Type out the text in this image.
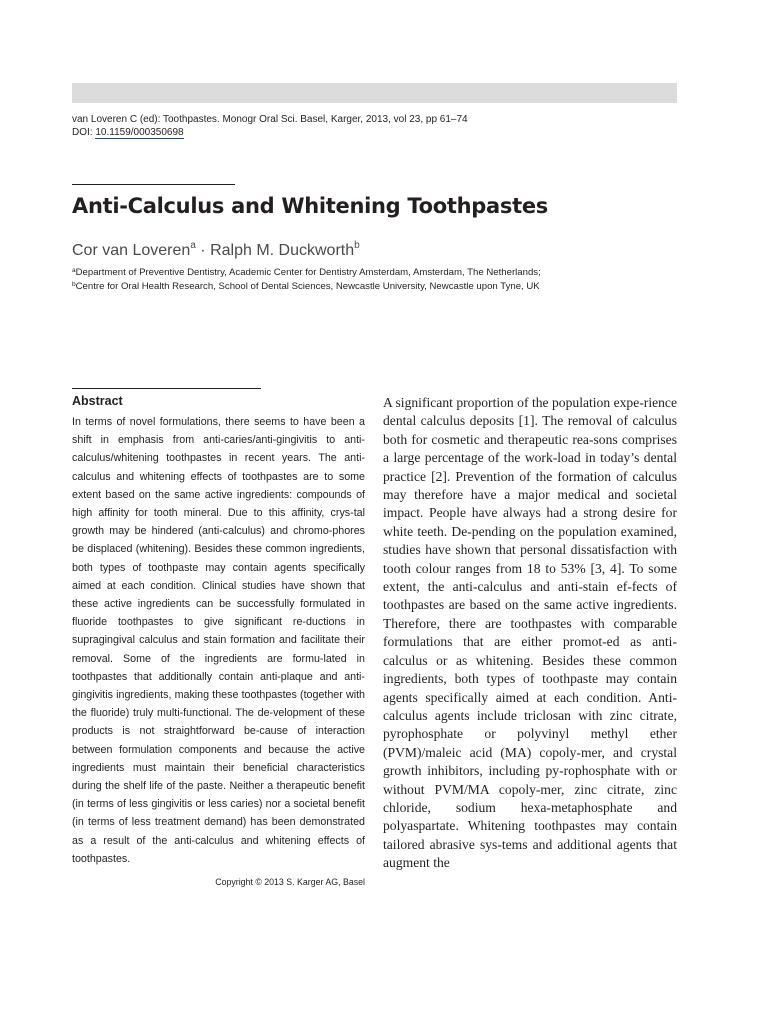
van Loveren C (ed): Toothpastes. Monogr Oral Sci. Basel, Karger, 2013, vol 23, pp 61–74
DOI: 10.1159/000350698
Anti-Calculus and Whitening Toothpastes
Cor van Loveren$^a$ · Ralph M. Duckworth$^b$
$^a$Department of Preventive Dentistry, Academic Center for Dentistry Amsterdam, Amsterdam, The Netherlands;
$^b$Centre for Oral Health Research, School of Dental Sciences, Newcastle University, Newcastle upon Tyne, UK
Abstract
In terms of novel formulations, there seems to have been a shift in emphasis from anti-caries/anti-gingivitis to anti-calculus/whitening toothpastes in recent years. The anti-calculus and whitening effects of toothpastes are to some extent based on the same active ingredients: compounds of high affinity for tooth mineral. Due to this affinity, crys-tal growth may be hindered (anti-calculus) and chromo-phores be displaced (whitening). Besides these common ingredients, both types of toothpaste may contain agents specifically aimed at each condition. Clinical studies have shown that these active ingredients can be successfully formulated in fluoride toothpastes to give significant re-ductions in supragingival calculus and stain formation and facilitate their removal. Some of the ingredients are formu-lated in toothpastes that additionally contain anti-plaque and anti-gingivitis ingredients, making these toothpastes (together with the fluoride) truly multi-functional. The de-velopment of these products is not straightforward be-cause of interaction between formulation components and because the active ingredients must maintain their beneficial characteristics during the shelf life of the paste. Neither a therapeutic benefit (in terms of less gingivitis or less caries) nor a societal benefit (in terms of less treatment demand) has been demonstrated as a result of the anti-calculus and whitening effects of toothpastes.
Copyright © 2013 S. Karger AG, Basel
A significant proportion of the population expe-rience dental calculus deposits [1]. The removal of calculus both for cosmetic and therapeutic rea-sons comprises a large percentage of the work-load in today’s dental practice [2]. Prevention of the formation of calculus may therefore have a major medical and societal impact. People have always had a strong desire for white teeth. De-pending on the population examined, studies have shown that personal dissatisfaction with tooth colour ranges from 18 to 53% [3, 4]. To some extent, the anti-calculus and anti-stain ef-fects of toothpastes are based on the same active ingredients. Therefore, there are toothpastes with comparable formulations that are either promot-ed as anti-calculus or as whitening. Besides these common ingredients, both types of toothpaste may contain agents specifically aimed at each condition. Anti-calculus agents include triclosan with zinc citrate, pyrophosphate or polyvinyl methyl ether (PVM)/maleic acid (MA) copoly-mer, and crystal growth inhibitors, including py-rophosphate with or without PVM/MA copoly-mer, zinc citrate, zinc chloride, sodium hexa-metaphosphate and polyaspartate. Whitening toothpastes may contain tailored abrasive sys-tems and additional agents that augment the
